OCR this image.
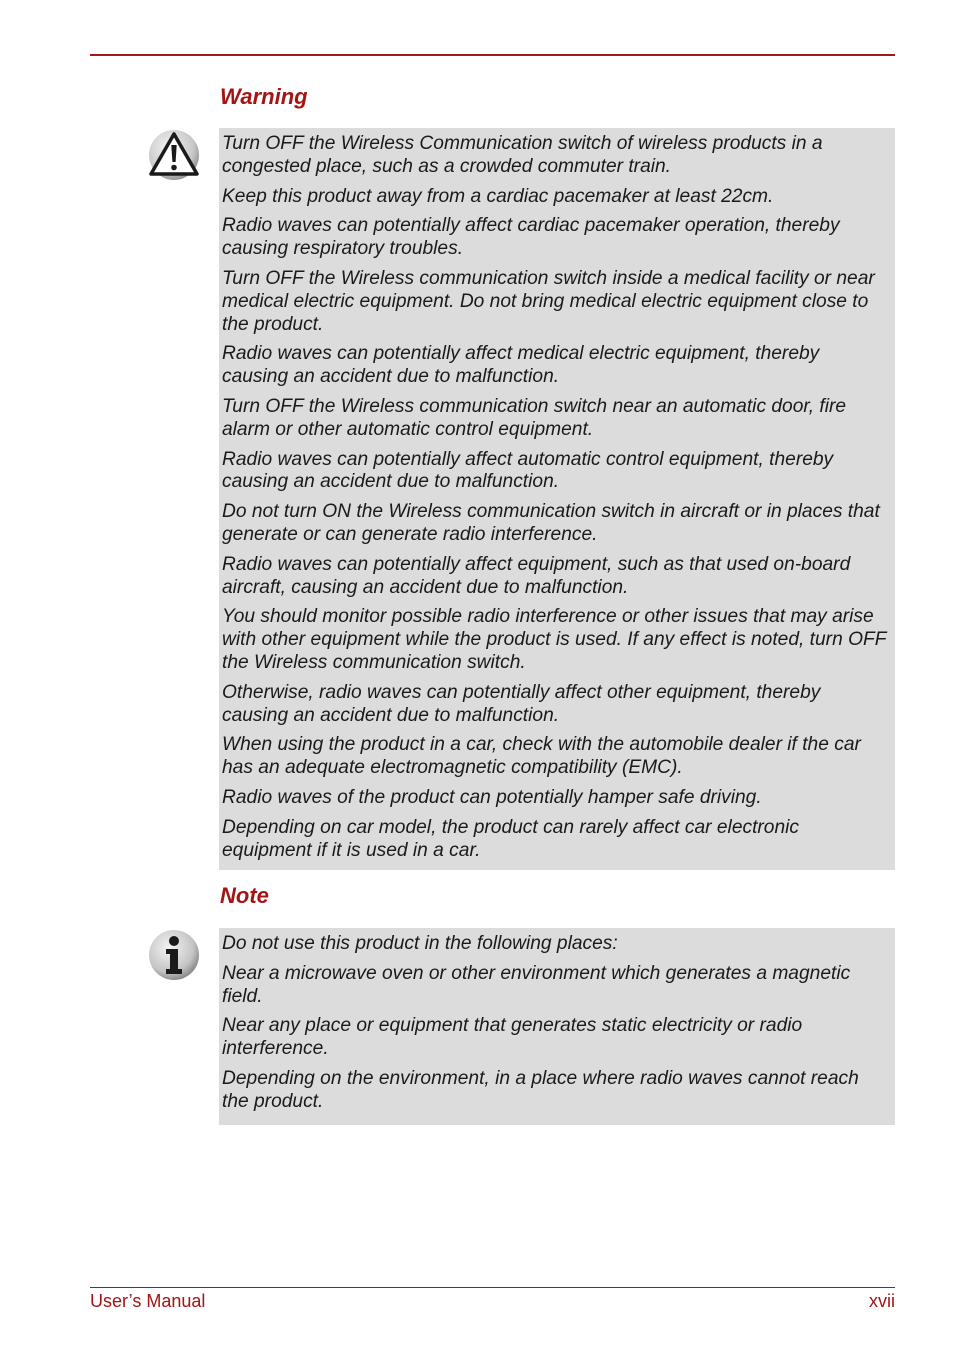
Warning

Turn OFF the Wireless Communication switch of wireless products in a congested place, such as a crowded commuter train.

Keep this product away from a cardiac pacemaker at least 22cm.

Radio waves can potentially affect cardiac pacemaker operation, thereby causing respiratory troubles.

Turn OFF the Wireless communication switch inside a medical facility or near medical electric equipment. Do not bring medical electric equipment close to the product.

Radio waves can potentially affect medical electric equipment, thereby causing an accident due to malfunction.

Turn OFF the Wireless communication switch near an automatic door, fire alarm or other automatic control equipment.

Radio waves can potentially affect automatic control equipment, thereby causing an accident due to malfunction.

Do not turn ON the Wireless communication switch in aircraft or in places that generate or can generate radio interference.

Radio waves can potentially affect equipment, such as that used on-board aircraft, causing an accident due to malfunction.

You should monitor possible radio interference or other issues that may arise with other equipment while the product is used. If any effect is noted, turn OFF the Wireless communication switch.

Otherwise, radio waves can potentially affect other equipment, thereby causing an accident due to malfunction.

When using the product in a car, check with the automobile dealer if the car has an adequate electromagnetic compatibility (EMC).

Radio waves of the product can potentially hamper safe driving.

Depending on car model, the product can rarely affect car electronic equipment if it is used in a car.

Note

Do not use this product in the following places:

Near a microwave oven or other environment which generates a magnetic field.

Near any place or equipment that generates static electricity or radio interference.

Depending on the environment, in a place where radio waves cannot reach the product.

User’s Manual	xvii
